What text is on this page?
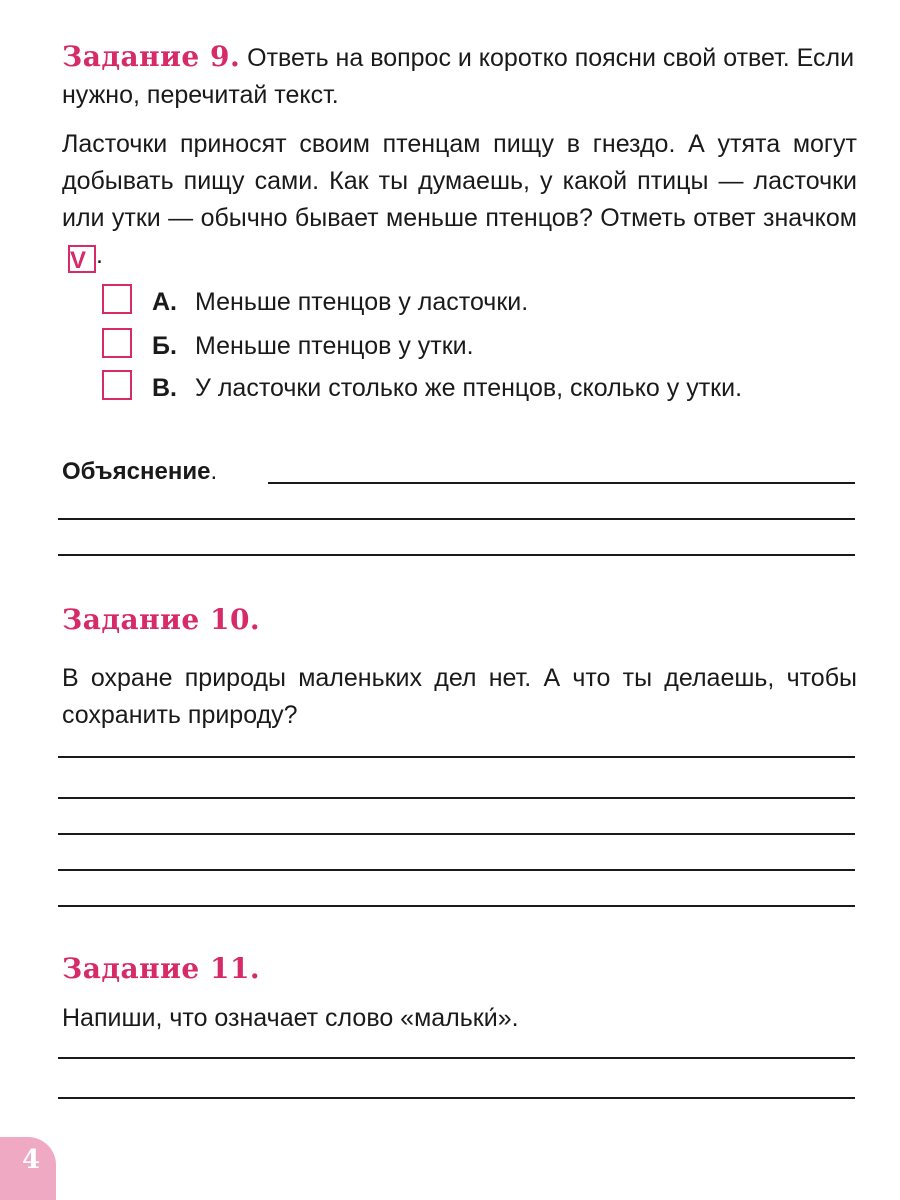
Задание 9. Ответь на вопрос и коротко поясни свой ответ. Если нужно, перечитай текст.

Ласточки приносят своим птенцам пищу в гнездо. А утята могут добывать пищу сами. Как ты думаешь, у какой птицы — ласточки или утки — обычно бывает меньше птенцов? Отметь ответ значкомV .

А. Меньше птенцов у ласточки.
Б. Меньше птенцов у утки.
В. У ласточки столько же птенцов, сколько у утки.
Объяснение.
Задание 10.

В охране природы маленьких дел нет. А что ты делаешь, чтобы сохранить природу?

Задание 11.

Напиши, что означает слово «мальки́».

4
